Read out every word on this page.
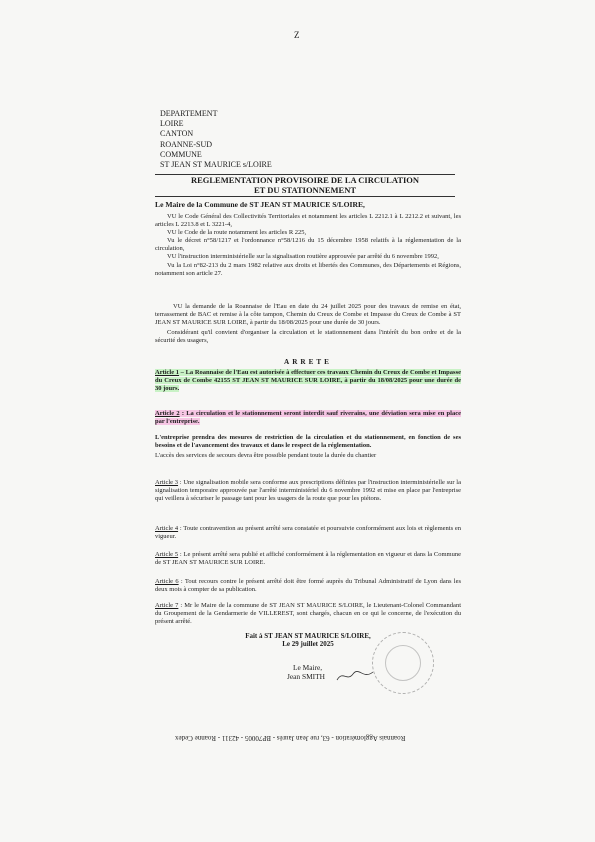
Z
DEPARTEMENT
LOIRE
CANTON
ROANNE-SUD
COMMUNE
ST JEAN ST MAURICE s/LOIRE
REGLEMENTATION PROVISOIRE DE LA CIRCULATION
ET DU STATIONNEMENT
Le Maire de la Commune de ST JEAN ST MAURICE S/LOIRE,
VU le Code Général des Collectivités Territoriales et notamment les articles L 2212.1 à L 2212.2 et suivant, les articles L 2213.8 et L 3221-4,
VU le Code de la route notamment les articles R 225,
Vu le décret n°58/1217 et l'ordonnance n°58/1216 du 15 décembre 1958 relatifs à la réglementation de la circulation,
VU l'instruction interministérielle sur la signalisation routière approuvée par arrêté du 6 novembre 1992,
Vu la Loi n°82-213 du 2 mars 1982 relative aux droits et libertés des Communes, des Départements et Régions, notamment son article 27.
VU la demande de la Roannaise de l'Eau en date du 24 juillet 2025 pour des travaux de remise en état, terrassement de BAC et remise à la côte tampon, Chemin du Creux de Combe et Impasse du Creux de Combe à ST JEAN ST MAURICE SUR LOIRE, à partir du 18/08/2025 pour une durée de 30 jours.
Considérant qu'il convient d'organiser la circulation et le stationnement dans l'intérêt du bon ordre et de la sécurité des usagers,
ARRETE
Article 1 – La Roannaise de l'Eau est autorisée à effectuer ces travaux Chemin du Creux de Combe et Impasse du Creux de Combe 42155 ST JEAN ST MAURICE SUR LOIRE, à partir du 18/08/2025 pour une durée de 30 jours.
Article 2 : La circulation et le stationnement seront interdit sauf riverains, une déviation sera mise en place par l'entreprise.
L'entreprise prendra des mesures de restriction de la circulation et du stationnement, en fonction de ses besoins et de l'avancement des travaux et dans le respect de la réglementation.
L'accès des services de secours devra être possible pendant toute la durée du chantier
Article 3 : Une signalisation mobile sera conforme aux prescriptions définies par l'instruction interministérielle sur la signalisation temporaire approuvée par l'arrêté interministériel du 6 novembre 1992 et mise en place par l'entreprise qui veillera à sécuriser le passage tant pour les usagers de la route que pour les piétons.
Article 4 : Toute contravention au présent arrêté sera constatée et poursuivie conformément aux lois et règlements en vigueur.
Article 5 : Le présent arrêté sera publié et affiché conformément à la réglementation en vigueur et dans la Commune de ST JEAN ST MAURICE SUR LOIRE.
Article 6 : Tout recours contre le présent arrêté doit être formé auprès du Tribunal Administratif de Lyon dans les deux mois à compter de sa publication.
Article 7 : Mr le Maire de la commune de ST JEAN ST MAURICE S/LOIRE, le Lieutenant-Colonel Commandant du Groupement de la Gendarmerie de VILLEREST, sont chargés, chacun en ce qui le concerne, de l'exécution du présent arrêté.
Fait à ST JEAN ST MAURICE S/LOIRE,
Le 29 juillet 2025
Le Maire,
Jean SMITH
Roannais Agglomération - 63, rue Jean Jaurès - BP70005 - 42311 - Roanne Cedex
